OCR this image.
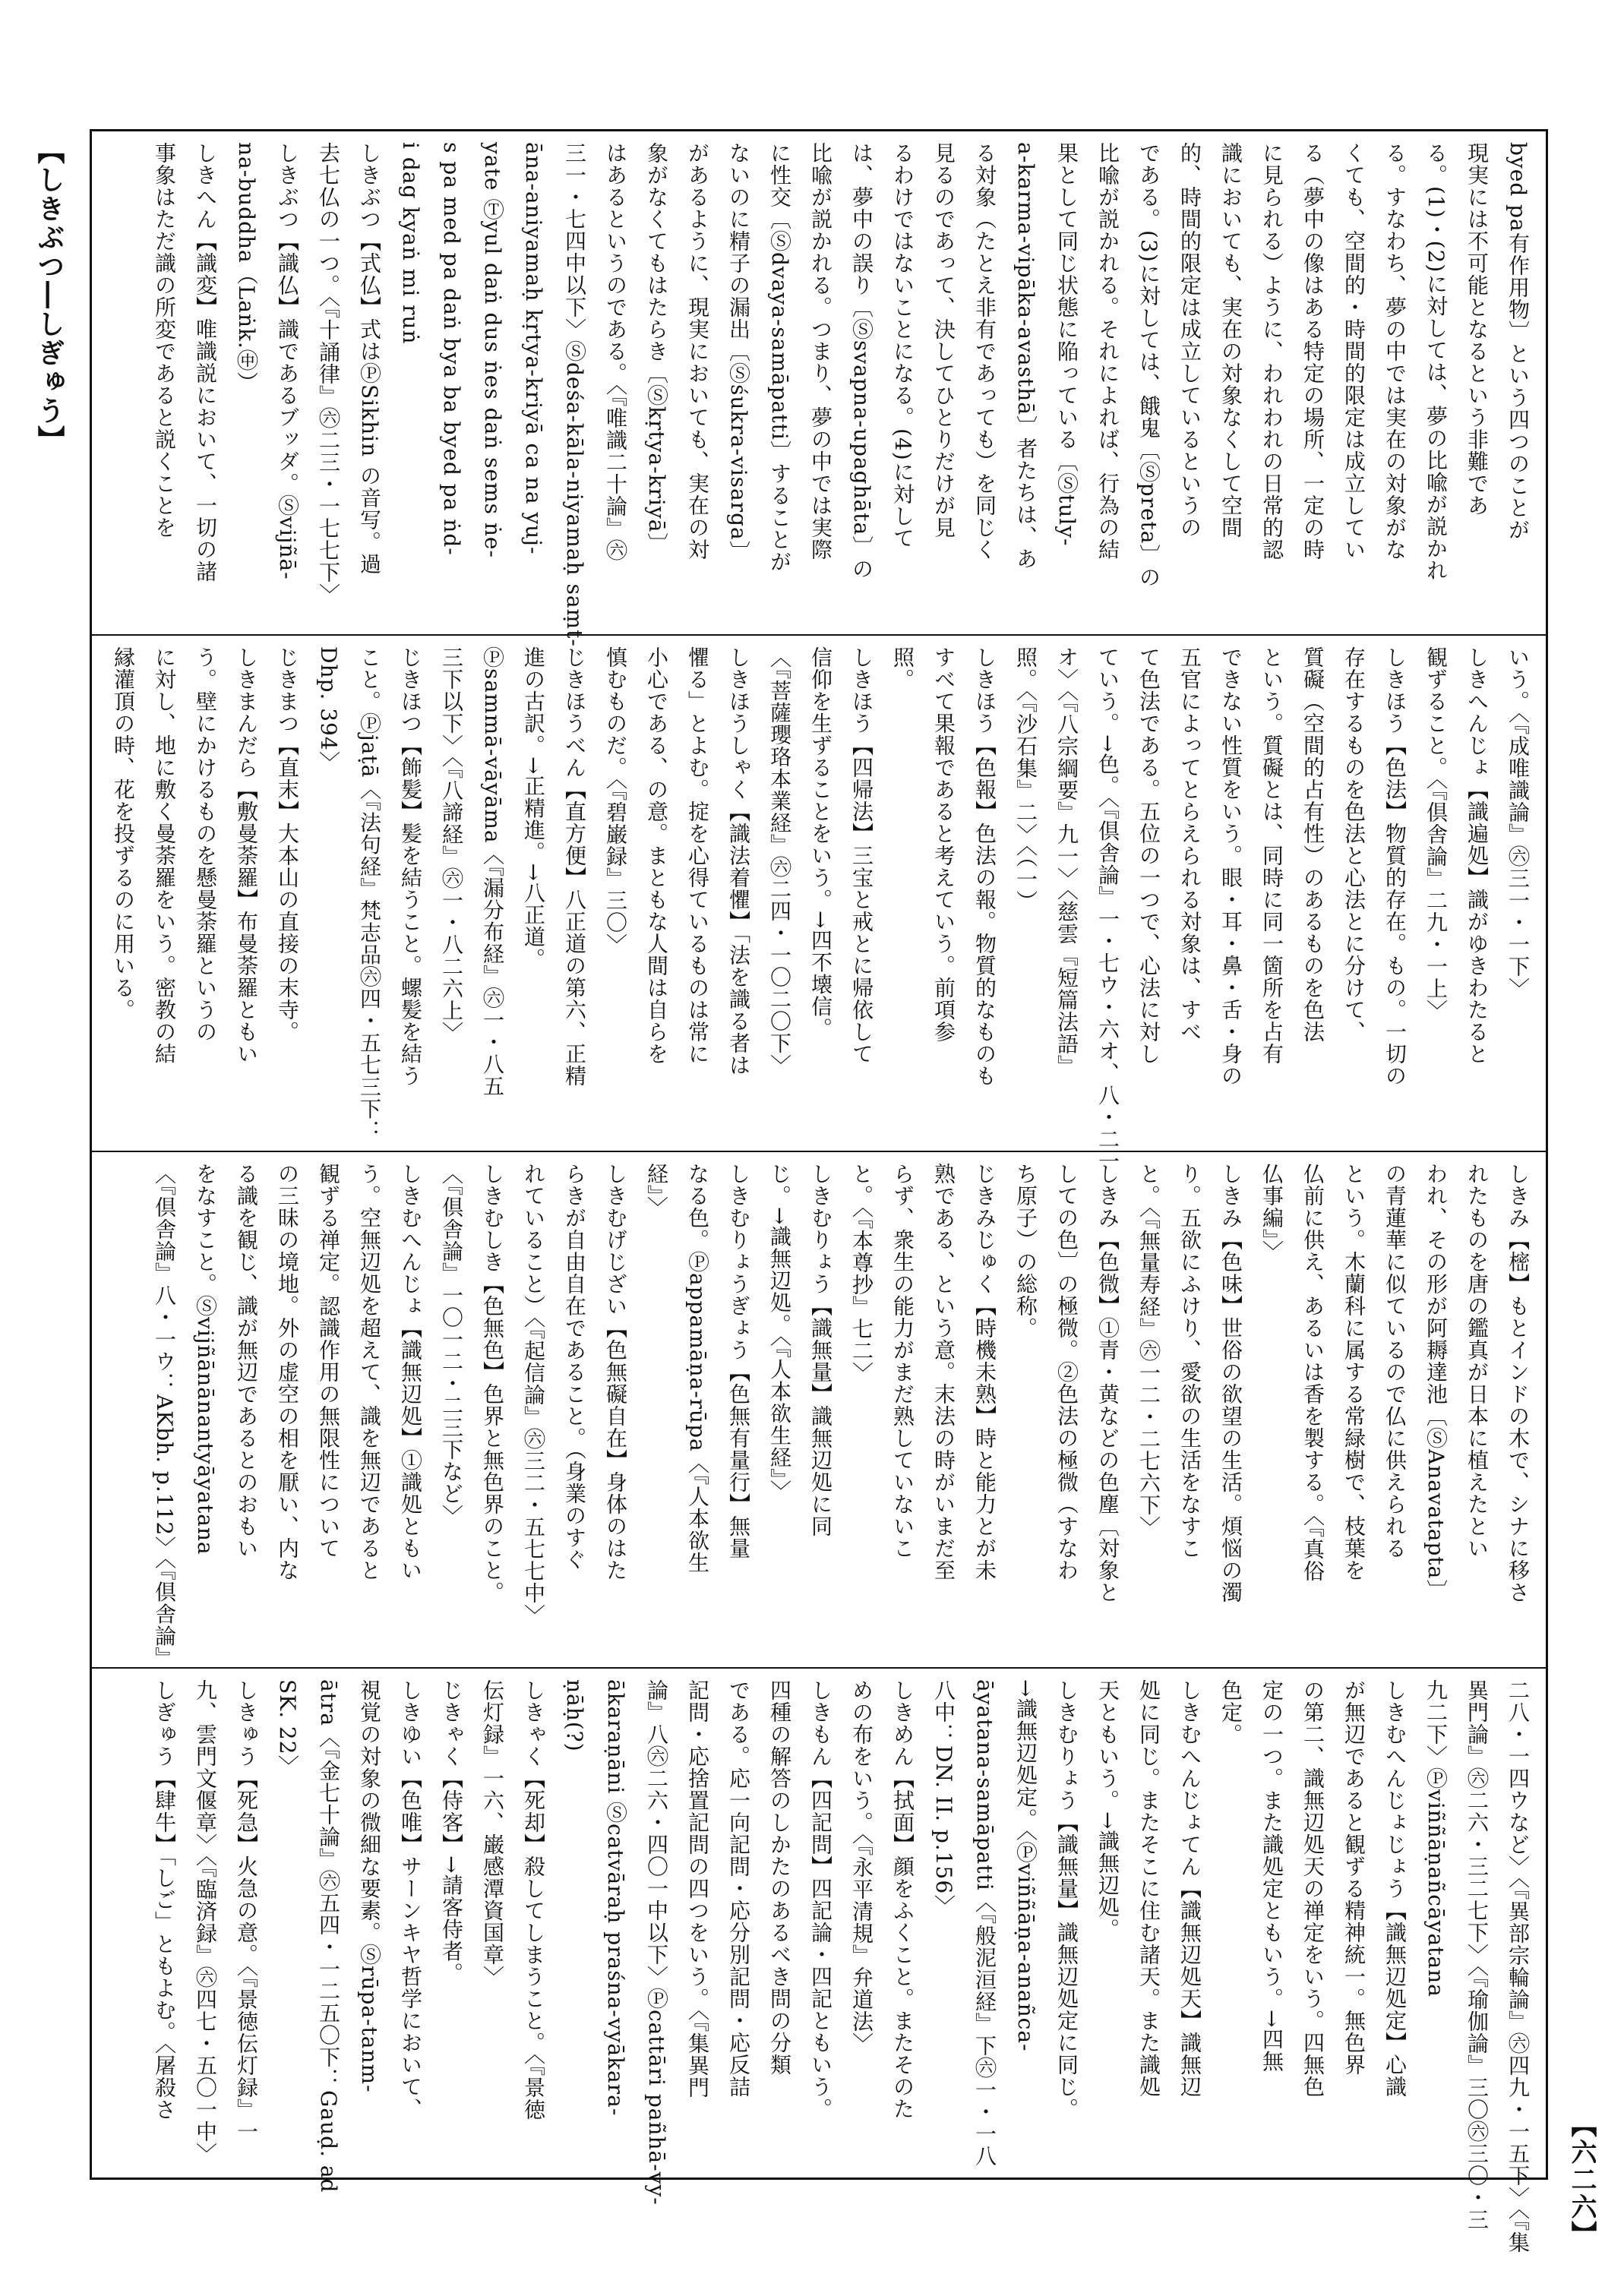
【しきぶつ―しぎゅう】
【六二六】
byed pa有作用物〕という四つのことが
現実には不可能となるという非難であ
る。(1)・(2)に対しては、夢の比喩が説かれ
る。すなわち、夢の中では実在の対象がな
くても、空間的・時間的限定は成立してい
る（夢中の像はある特定の場所、一定の時
に見られる）ように、われわれの日常的認
識においても、実在の対象なくして空間
的、時間的限定は成立しているというの
である。(3)に対しては、餓鬼〔Ⓢpreta〕の
比喩が説かれる。それによれば、行為の結
果として同じ状態に陥っている〔Ⓢtuly-
a-karma-vipāka-avasthā〕者たちは、あ
る対象（たとえ非有であっても）を同じく
見るのであって、決してひとりだけが見
るわけではないことになる。(4)に対して
は、夢中の誤り〔Ⓢsvapna-upaghāta〕の
比喩が説かれる。つまり、夢の中では実際
に性交〔Ⓢdvaya-samāpatti〕することが
ないのに精子の漏出〔Ⓢśukra-visarga〕
があるように、現実においても、実在の対
象がなくてもはたらき〔Ⓢkṛtya-kriyā〕
はあるというのである。〈『唯識二十論』㊅
三一・七四中以下〉Ⓢdeśa-kāla-niyamaḥ saṃt-
āna-aniyamaḥ kṛtya-kriyā ca na yuj-
yate Ⓣyul daṅ dus ṅes daṅ sems ṅe-
s pa med pa daṅ bya ba byed pa ṅd-
i dag kyaṅ mi ruṅ
しきぶつ【式仏】式はⓅSikhin の音写。過
去七仏の一つ。〈『十誦律』㊅二三・一七七下〉
しきぶつ【識仏】識であるブッダ。Ⓢvijñā-
na-buddha（Laṅk.㊥）
しきへん【識変】唯識説において、一切の諸
事象はただ識の所変であると説くことを
いう。〈『成唯識論』㊅三一・一下〉
しきへんじょ【識遍処】識がゆきわたると
観ずること。〈『倶舎論』二九・一上〉
しきほう【色法】物質的存在。もの。一切の
存在するものを色法と心法とに分けて、
質礙（空間的占有性）のあるものを色法
という。質礙とは、同時に同一箇所を占有
できない性質をいう。眼・耳・鼻・舌・身の
五官によってとらえられる対象は、すべ
て色法である。五位の一つで、心法に対し
ていう。→色。〈『倶舎論』一・七ウ・六オ、八・二一
オ〉〈『八宗綱要』九一〉〈慈雲『短篇法語』
照。〈『沙石集』二〉〈（一）
しきほう【色報】色法の報。物質的なものも
すべて果報であると考えていう。前項参
照。
しきほう【四帰法】三宝と戒とに帰依して
信仰を生ずることをいう。→四不壊信。
〈『菩薩瓔珞本業経』㊅二四・一〇二〇下〉
しきほうしゃく【識法着懼】「法を識る者は
懼る」とよむ。掟を心得ているものは常に
小心である、の意。まともな人間は自らを
慎むものだ。〈『碧巌録』三〇〉
じきほうべん【直方便】八正道の第六、正精
進の古訳。→正精進。→八正道。
Ⓟsammā-vāyāma〈『漏分布経』㊅一・八五
三下以下〉〈『八諦経』㊅一・八二六上〉
じきほつ【飾髪】髪を結うこと。螺髪を結う
こと。Ⓟjaṭā〈『法句経』梵志品㊅四・五七三下：
Dhp. 394〉
じきまつ【直末】大本山の直接の末寺。
しきまんだら【敷曼荼羅】布曼荼羅ともい
う。壁にかけるものを懸曼荼羅というの
に対し、地に敷く曼荼羅をいう。密教の結
縁灌頂の時、花を投ずるのに用いる。
しきみ【樒】もとインドの木で、シナに移さ
れたものを唐の鑑真が日本に植えたとい
われ、その形が阿耨達池〔ⓈAnavatapta〕
の青蓮華に似ているので仏に供えられる
という。木蘭科に属する常緑樹で、枝葉を
仏前に供え、あるいは香を製する。〈『真俗
仏事編』〉
しきみ【色味】世俗の欲望の生活。煩悩の濁
り。五欲にふけり、愛欲の生活をなすこ
と。〈『無量寿経』㊅一二・二七六下〉
しきみ【色微】①青・黄などの色塵〔対象と
しての色〕の極微。②色法の極微（すなわ
ち原子）の総称。
じきみじゅく【時機未熟】時と能力とが未
熟である、という意。末法の時がいまだ至
らず、衆生の能力がまだ熟していないこ
と。〈『本尊抄』七二〉
しきむりょう【識無量】識無辺処に同
じ。→識無辺処。〈『人本欲生経』〉
しきむりょうぎょう【色無有量行】無量
なる色。Ⓟappamāṇa-rūpa〈『人本欲生
経』〉
しきむげじざい【色無礙自在】身体のはた
らきが自由自在であること。（身業のすぐ
れていること）〈『起信論』㊅三二・五七七中〉
しきむしき【色無色】色界と無色界のこと。
〈『倶舎論』一〇一二・二三下など〉
しきむへんじょ【識無辺処】①識処ともい
う。空無辺処を超えて、識を無辺であると
観ずる禅定。認識作用の無限性について
の三昧の境地。外の虚空の相を厭い、内な
る識を観じ、識が無辺であるとのおもい
をなすこと。Ⓢvijñānānantyāyatana
〈『倶舎論』八・一ウ：AKbh. p.112〉〈『倶舎論』
二八・一四ウなど〉〈『異部宗輪論』㊅四九・一五下〉〈『集
異門論』㊅二六・三二七下〉〈『瑜伽論』三〇㊅三〇・三
九二下〉Ⓟviññāṇañcāyatana
しきむへんじょじょう【識無辺処定】心識
が無辺であると観ずる精神統一。無色界
の第二、識無辺処天の禅定をいう。四無色
定の一つ。また識処定ともいう。→四無
色定。
しきむへんじょてん【識無辺処天】識無辺
処に同じ。またそこに住む諸天。また識処
天ともいう。→識無辺処。
しきむりょう【識無量】識無辺処定に同じ。
→識無辺処定。〈Ⓟviññāṇa-anañca-
āyatana-samāpatti〈『般泥洹経』下㊅一・一八
八中：DN. II. p.156〉
しきめん【拭面】顔をふくこと。またそのた
めの布をいう。〈『永平清規』弁道法〉
しきもん【四記問】四記論・四記ともいう。
四種の解答のしかたのあるべき問の分類
である。応一向記問・応分別記問・応反詰
記問・応捨置記問の四つをいう。〈『集異門
論』八㊅二六・四〇一中以下〉Ⓟcattāri pañhā-vy-
ākaraṇāni Ⓢcatvāraḥ praśna-vyākara-
ṇāḥ(?)
しきゃく【死却】殺してしまうこと。〈『景徳
伝灯録』一六、巌感潭資国章〉
じきゃく【侍客】→請客侍者。
しきゆい【色唯】サーンキヤ哲学において、
視覚の対象の微細な要素。Ⓢrūpa-tanm-
ātra〈『金七十論』㊅五四・一二五〇下：Gauḍ. ad
SK. 22〉
しきゅう【死急】火急の意。〈『景徳伝灯録』一
九、雲門文偃章〉〈『臨済録』㊅四七・五〇一中〉
しぎゅう【肆牛】「しご」ともよむ。〈屠殺さ
